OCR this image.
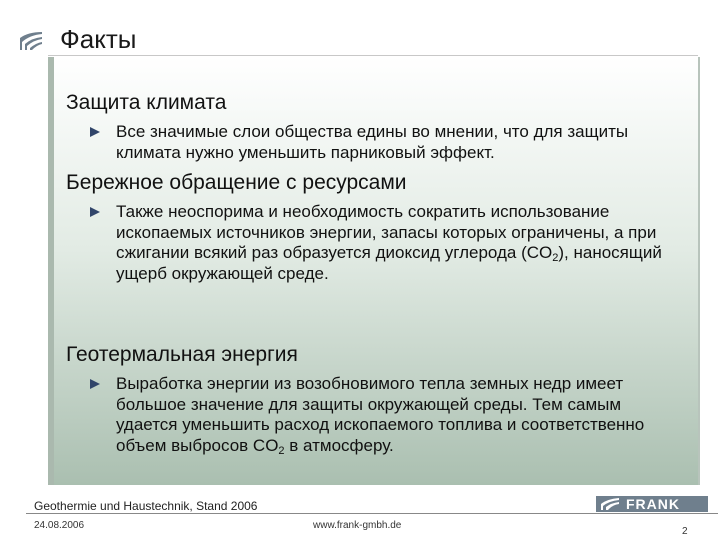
Факты
Защита климата
Все значимые слои общества едины во мнении, что для защиты климата нужно уменьшить парниковый эффект.
Бережное обращение с ресурсами
Также неоспорима и необходимость сократить использование ископаемых источников энергии, запасы которых ограничены, а при сжигании всякий раз образуется диоксид углерода $(CO_2)$, наносящий ущерб окружающей среде.
Геотермальная энергия
Выработка энергии из возобновимого тепла земных недр имеет большое значение для защиты окружающей среды. Тем самым удается уменьшить расход ископаемого топлива и соответственно объем выбросов $CO_2$ в атмосферу.
Geothermie und Haustechnik, Stand 2006	FRANK
24.08.2006	www.frank-gmbh.de
2
